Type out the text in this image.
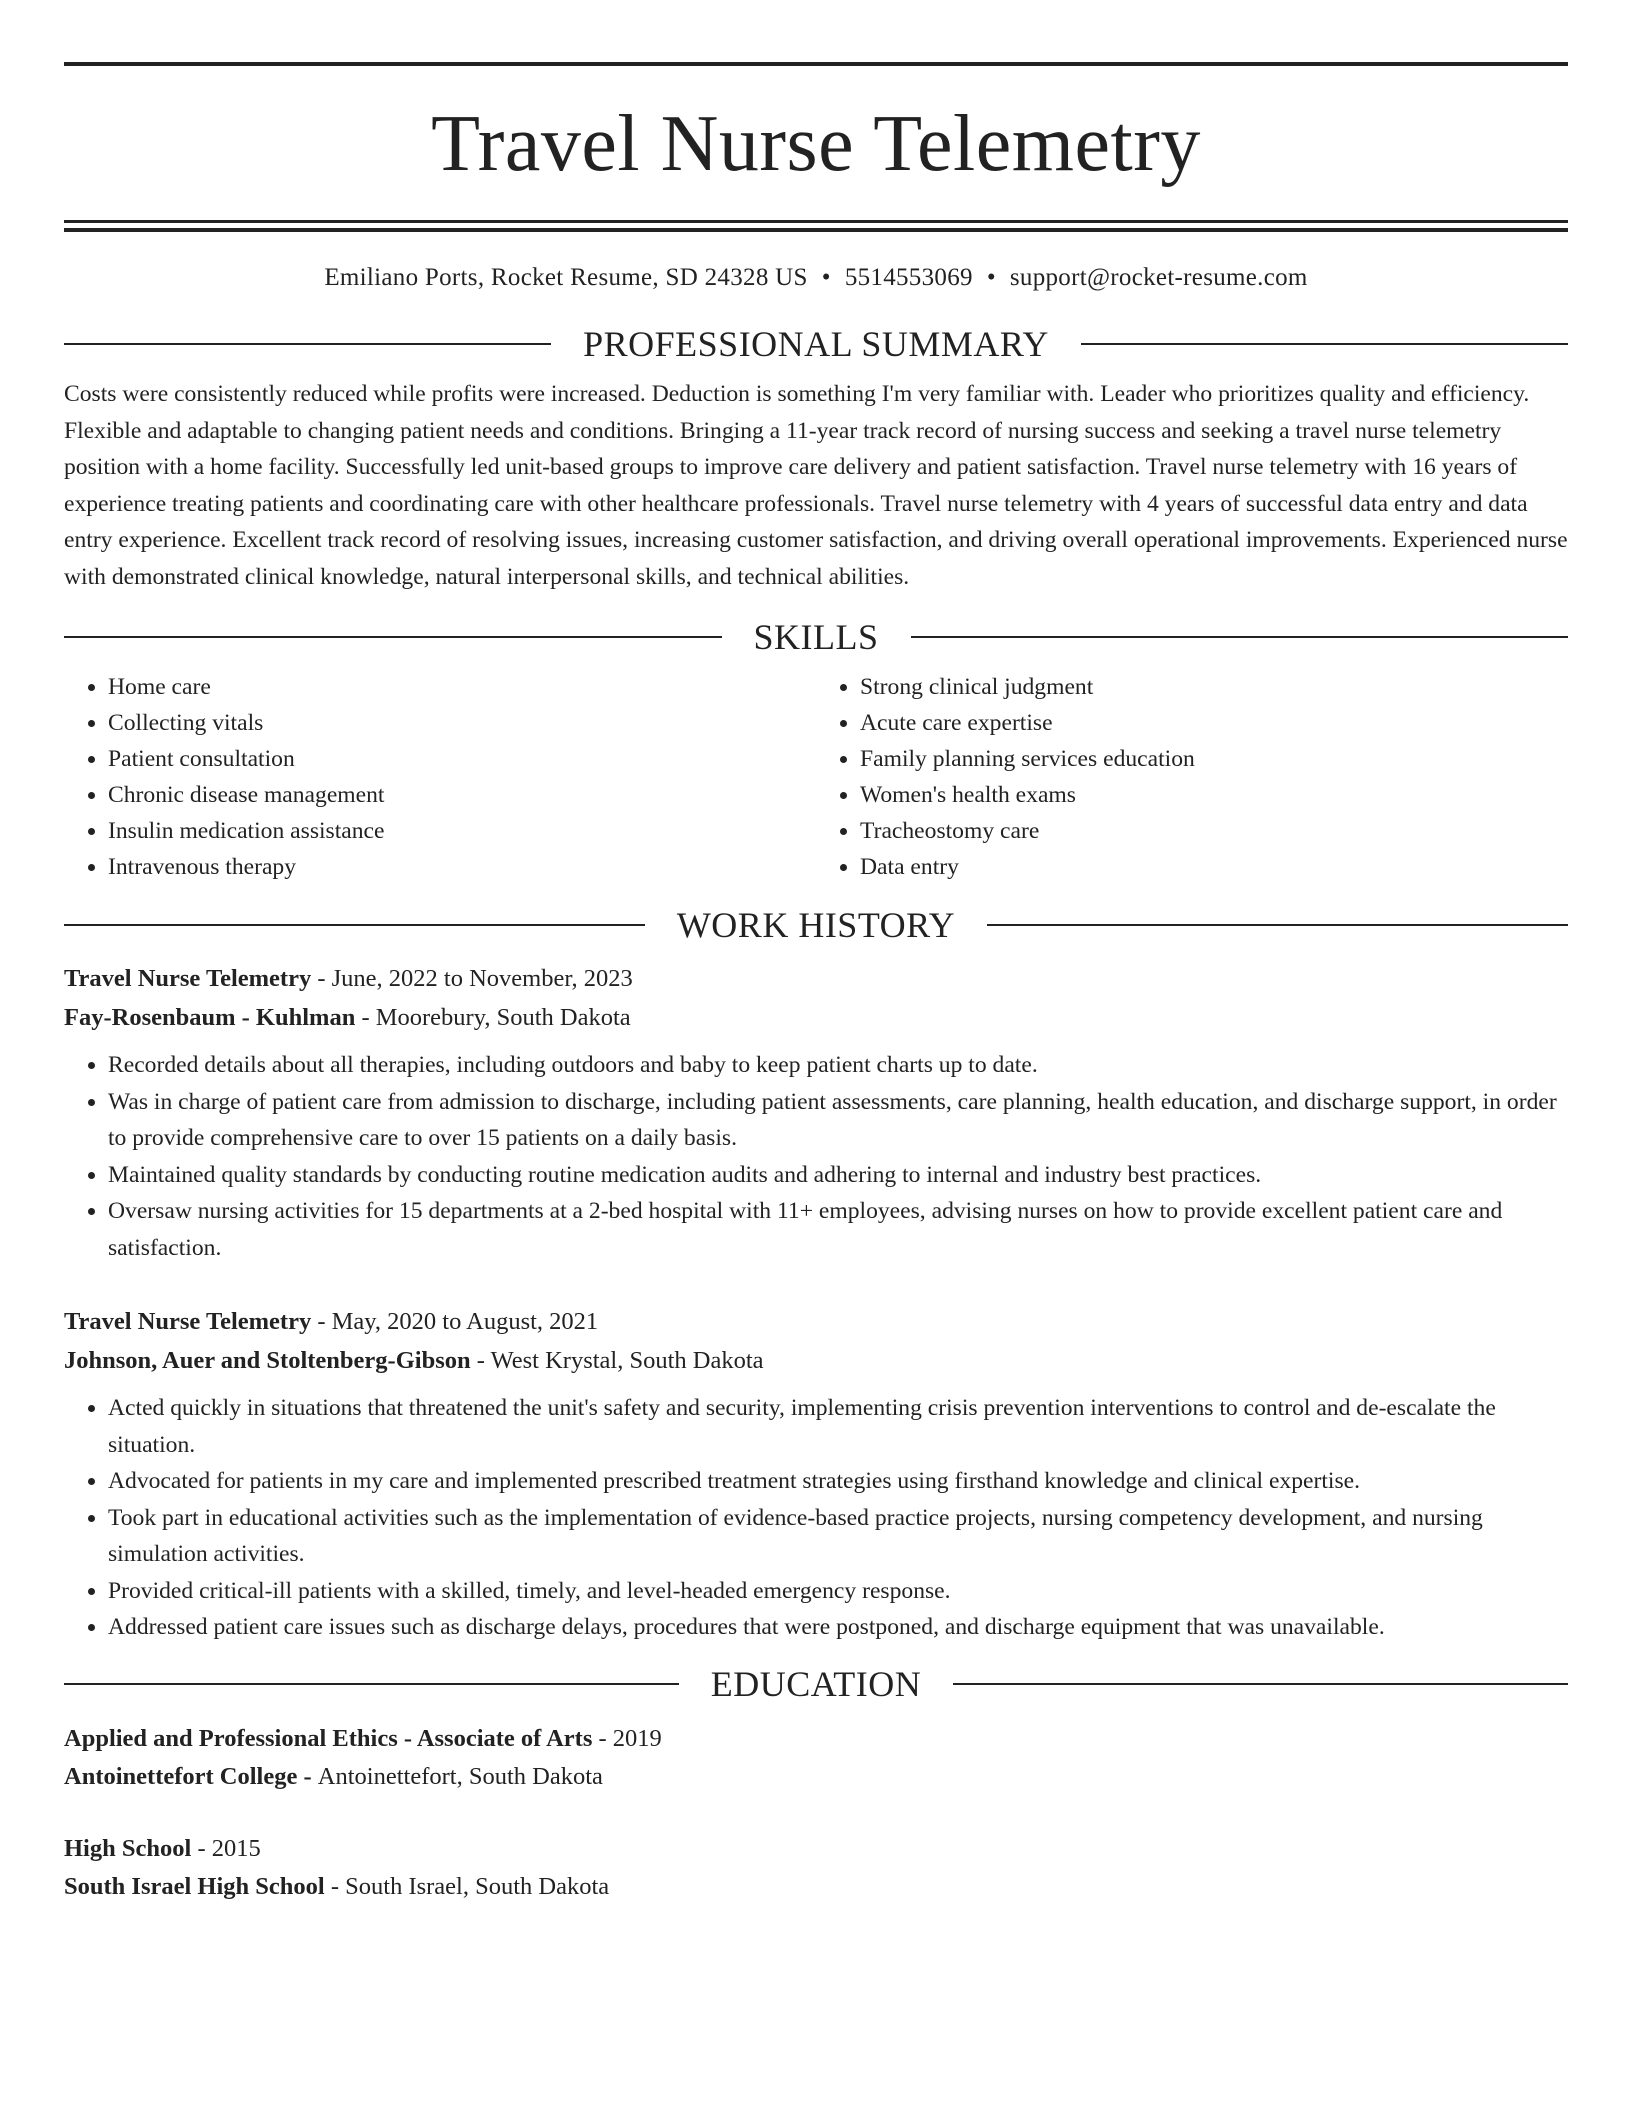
Travel Nurse Telemetry
Emiliano Ports, Rocket Resume, SD 24328 US • 5514553069 • support@rocket-resume.com
PROFESSIONAL SUMMARY

Costs were consistently reduced while profits were increased. Deduction is something I'm very familiar with. Leader who prioritizes quality and efficiency. Flexible and adaptable to changing patient needs and conditions. Bringing a 11-year track record of nursing success and seeking a travel nurse telemetry position with a home facility. Successfully led unit-based groups to improve care delivery and patient satisfaction. Travel nurse telemetry with 16 years of experience treating patients and coordinating care with other healthcare professionals. Travel nurse telemetry with 4 years of successful data entry and data entry experience. Excellent track record of resolving issues, increasing customer satisfaction, and driving overall operational improvements. Experienced nurse with demonstrated clinical knowledge, natural interpersonal skills, and technical abilities.

SKILLS
• Home care
• Collecting vitals
• Patient consultation
• Chronic disease management
• Insulin medication assistance
• Intravenous therapy
• Strong clinical judgment
• Acute care expertise
• Family planning services education
• Women's health exams
• Tracheostomy care
• Data entry
WORK HISTORY
Travel Nurse Telemetry - June, 2022 to November, 2023
Fay-Rosenbaum - Kuhlman - Moorebury, South Dakota
• Recorded details about all therapies, including outdoors and baby to keep patient charts up to date.
• Was in charge of patient care from admission to discharge, including patient assessments, care planning, health education, and discharge support, in order to provide comprehensive care to over 15 patients on a daily basis.
• Maintained quality standards by conducting routine medication audits and adhering to internal and industry best practices.
• Oversaw nursing activities for 15 departments at a 2-bed hospital with 11+ employees, advising nurses on how to provide excellent patient care and satisfaction.
Travel Nurse Telemetry - May, 2020 to August, 2021
Johnson, Auer and Stoltenberg-Gibson - West Krystal, South Dakota
• Acted quickly in situations that threatened the unit's safety and security, implementing crisis prevention interventions to control and de-escalate the situation.
• Advocated for patients in my care and implemented prescribed treatment strategies using firsthand knowledge and clinical expertise.
• Took part in educational activities such as the implementation of evidence-based practice projects, nursing competency development, and nursing simulation activities.
• Provided critical-ill patients with a skilled, timely, and level-headed emergency response.
• Addressed patient care issues such as discharge delays, procedures that were postponed, and discharge equipment that was unavailable.
EDUCATION
Applied and Professional Ethics - Associate of Arts - 2019
Antoinettefort College - Antoinettefort, South Dakota
High School - 2015
South Israel High School - South Israel, South Dakota
